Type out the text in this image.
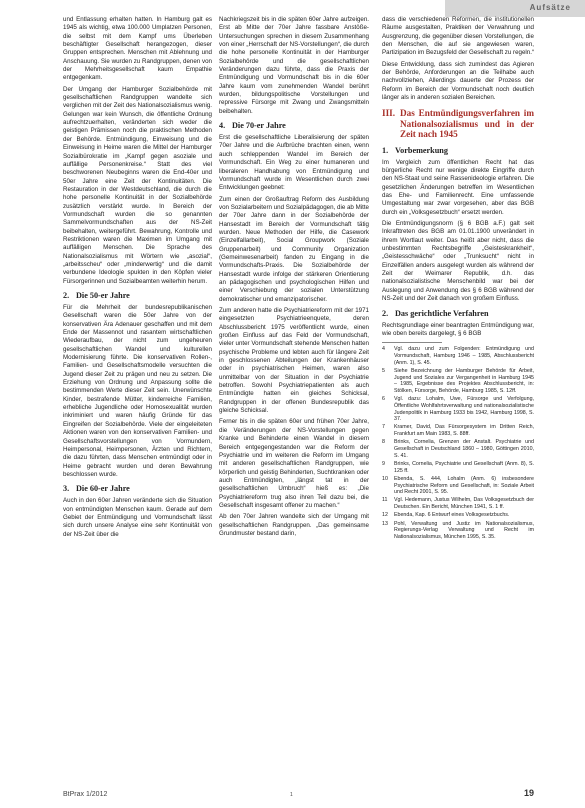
Aufsätze

und Entlassung erhalten hatten. In Hamburg galt es 1945 als wichtig, etwa 100.000 Umplatzen Personen, die selbst mit dem Kampf ums Überleben beschäftigter Gesellschaft herangezogen, dieser Gruppen entsprechen. Menschen mit Ablehnung und Anschauung. Sie wurden zu Randgruppen, denen von der Mehrheitsgesellschaft kaum Empathie entgegenkam.

Der Umgang der Hamburger Sozialbehörde mit gesellschaftlichen Randgruppen wandelte sich verglichen mit der Zeit des Nationalsozialismus wenig. Gelungen war kein Wunsch, die öffentliche Ordnung aufrechtzuerhalten, veränderten sich weder die geistigen Prämissen noch die praktischen Methoden der Behörde. Entmündigung, Einweisung und die Einweisung in Heime waren die Mittel der Hamburger Sozialbürokratie im „Kampf gegen asoziale und auffällige Personenkreise.“ Statt des viel beschworenen Neubeginns waren die End-40er und 50er Jahre eine Zeit der Kontinuitäten. Die Restauration in der Westdeutschland, die durch die hohe personelle Kontinuität in der Sozialbehörde zusätzlich verstärkt wurde. In Bereich der Vormundschaft wurden die so genannten Sammelvormundschaften aus der NS-Zeit beibehalten, weitergeführt. Bewahrung, Kontrolle und Restriktionen waren die Maximen im Umgang mit auffälligen Menschen. Die Sprache des Nationalsozialismus mit Wörtern wie „asozial“, „arbeitsscheu“ oder „minderwertig“ und die damit verbundene Ideologie spukten in den Köpfen vieler Fürsorgerinnen und Sozialbeamten weiterhin herum.

2. Die 50-er Jahre

Für die Mehrheit der bundesrepublikanischen Gesellschaft waren die 50er Jahre von der konservativen Ära Adenauer geschaffen und mit dem Ende der Massennot und rasantem wirtschaftlichen Wiederaufbau, der nicht zum ungeheuren gesellschaftlichen Wandel und kulturellen Modernisierung führte. Die konservativen Rollen-, Familien- und Gesellschaftsmodelle versuchten die Jugend dieser Zeit zu prägen und neu zu setzen. Die Erziehung von Ordnung und Anpassung sollte die bestimmenden Werte dieser Zeit sein. Unerwünschte Kinder, bestrafende Mütter, kinderreiche Familien, erhebliche Jugendliche oder Homosexualität wurden inkriminiert und waren häufig Gründe für das Eingreifen der Sozialbehörde. Viele der eingeleiteten Aktionen waren von den konservativen Familien- und Gesellschaftsvorstellungen von Vormundern, Heimpersonal, Heimpersonen, Ärzten und Richtern, die dazu führten, dass Menschen entmündigt oder in Heime gebracht wurden und deren Bewahrung beschlossen wurde.

3. Die 60-er Jahre

Auch in den 60er Jahren veränderte sich die Situation von entmündigten Menschen kaum. Gerade auf dem Gebiet der Entmündigung und Vormundschaft lässt sich durch unsere Analyse eine sehr Kontinuität von der NS-Zeit über die

Nachkriegszeit bis in die späten 60er Jahre aufzeigen. Erst ab Mitte der 70er Jahre fassbare Anstöße-Untersuchungen sprechen in diesem Zusammenhang von einer „Herrschaft der NS-Vorstellungen“, die durch die hohe personelle Kontinuität in der Hamburger Sozialbehörde und die gesellschaftlichen Veränderungen dazu führte, dass die Praxis der Entmündigung und Vormundschaft bis in die 60er Jahre kaum vom zunehmenden Wandel berührt wurden, bildungspolitische Vorstellungen und repressive Fürsorge mit Zwang und Zwangsmitteln beibehalten.

4. Die 70-er Jahre

Erst die gesellschaftliche Liberalisierung der späten 70er Jahre und die Aufbrüche brachten einen, wenn auch schleppenden Wandel im Bereich der Vormundschaft. Ein Weg zu einer humaneren und liberaleren Handhabung von Entmündigung und Vormundschaft wurde im Wesentlichen durch zwei Entwicklungen geebnet:

Zum einen der Großauftrag Reform des Ausbildung von Sozialarbeitern und Sozialpädagogen, die ab Mitte der 70er Jahre dann in der Sozialbehörde der Hansestadt im Bereich der Vormundschaft tätig wurden. Neue Methoden der Hilfe, die Casework (Einzelfallarbeit), Social Groupwork (Soziale Gruppenarbeit) und Community Organization (Gemeinwesenarbeit) fanden zu Eingang in die Vormundschafts-Praxis. Die Sozialbehörde der Hansestadt wurde infolge der stärkeren Orientierung an pädagogischen und psychologischen Hilfen und einer Verschiebung der sozialen Unterstützung demokratischer und emanzipatorischer.

Zum anderen hatte die Psychiatriereform mit der 1971 eingesetzten Psychiatrieenquete, deren Abschlussbericht 1975 veröffentlicht wurde, einen großen Einfluss auf das Feld der Vormundschaft, vieler unter Vormundschaft stehende Menschen hatten psychische Probleme und lebten auch für längere Zeit in geschlossenen Abteilungen der Krankenhäuser oder in psychiatrischen Heimen, waren also unmittelbar von der Situation in der Psychiatrie betroffen. Sowohl Psychiatriepatienten als auch Entmündigte hatten ein gleiches Schicksal, Randgruppen in der offenen Bundesrepublik das gleiche Schicksal.

Ferner bis in die späten 60er und frühen 70er Jahre, die Veränderungen der NS-Vorstellungen gegen Kranke und Behinderte einen Wandel in diesem Bereich entgegengestanden war die Reform der Psychiatrie und im weiteren die Reform im Umgang mit anderen gesellschaftlichen Randgruppen, wie körperlich und geistig Behinderten, Suchtkranken oder auch Entmündigten, „längst tat in der gesellschaftlichen Umbruch“ hieß es: „Die Psychiatriereform trug also ihren Teil dazu bei, die Gesellschaft insgesamt offener zu machen.“

Ab den 70er Jahren wandelte sich der Umgang mit gesellschaftlichen Randgruppen. „Das gemeinsame Grundmuster bestand darin,

dass die verschiedenen Reformen, die institutionellen Räume ausgestalten, Praktiken der Verwahrung und Ausgrenzung, die gegenüber diesen Vorstellungen, die den Menschen, die auf sie angewiesen waren, Partizipation im Bezugsfeld der Gesellschaft zu regeln.“

Diese Entwicklung, dass sich zumindest das Agieren der Behörde, Anforderungen an die Teilhabe auch nachvollziehen, Allerdings dauerte der Prozess der Reform im Bereich der Vormundschaft noch deutlich länger als in anderen sozialen Bereichen.

III. Das Entmündigungsverfahren im Nationalsozialismus und in der Zeit nach 1945
1. Vorbemerkung

Im Vergleich zum öffentlichen Recht hat das bürgerliche Recht nur wenige direkte Eingriffe durch den NS-Staat und seine Rassenideologie erfahren. Die gesetzlichen Änderungen betreffen im Wesentlichen das Ehe- und Familienrecht. Eine umfassende Umgestaltung war zwar vorgesehen, aber das BGB durch ein „Volksgesetzbuch“ ersetzt werden.

Die Entmündigungsnorm (§ 6 BGB a.F.) galt seit Inkrafttreten des BGB am 01.01.1900 unverändert in ihrem Wortlaut weiter. Das heißt aber nicht, dass die unbestimmten Rechtsbegriffe „Geisteskrankheit“, „Geistesschwäche“ oder „Trunksucht“ nicht in Einzelfällen anders ausgelegt wurden als während der Zeit der Weimarer Republik, d.h. das nationalsozialistische Menschenbild war bei der Auslegung und Anwendung des § 6 BGB während der NS-Zeit und der Zeit danach von großem Einfluss.

2. Das gerichtliche Verfahren

Rechtsgrundlage einer beantragten Entmündigung war, wie oben bereits dargelegt, § 6 BGB

4	Vgl. dazu und zum Folgenden: Entmündigung und Vormundschaft, Hamburg 1946 – 1985, Abschlussbericht (Anm. 1), S. 45.
5	Siehe Bezeichnung der Hamburger Behörde für Arbeit, Jugend und Soziales zur Vergangenheit in Hamburg 1945 – 1985, Ergebnisse des Projektes Abschlussbericht, in: Stölken, Fürsorge, Behörde, Hamburg 1985, S. 12ff.
6	Vgl. dazu: Lohalm, Uwe, Fürsorge und Verfolgung, Öffentliche Wohlfahrtsverwaltung und nationalsozialistische Judenpolitik in Hamburg 1933 bis 1942, Hamburg 1998, S. 37.
7	Kramer, David, Das Fürsorgesystem im Dritten Reich, Frankfurt am Main 1983, S. 88ff.
8	Brinks, Cornelia, Grenzen der Anstalt. Psychiatrie und Gesellschaft in Deutschland 1860 – 1980, Göttingen 2010, S. 41.
9	Brinks, Cornelia, Psychiatrie und Gesellschaft (Anm. 8), S. 125 ff.
10	Ebenda, S. 444, Lohalm (Anm. 6) insbesondere Psychiatrische Reform und Gesellschaft, in: Soziale Arbeit und Recht 2001, S. 95.
11	Vgl. Hedemann, Justus Wilhelm, Das Volksgesetzbuch der Deutschen. Ein Bericht, München 1941, S. 1 ff.
12	Ebenda, Kap. 6 Entwurf eines Volksgesetzbuchs.
13	Pohl, Verwaltung und Justiz im Nationalsozialismus, Regierungs-Verlag Verwaltung und Recht im Nationalsozialismus, München 1995, S. 35.
BtPrax 1/2012	1	19
